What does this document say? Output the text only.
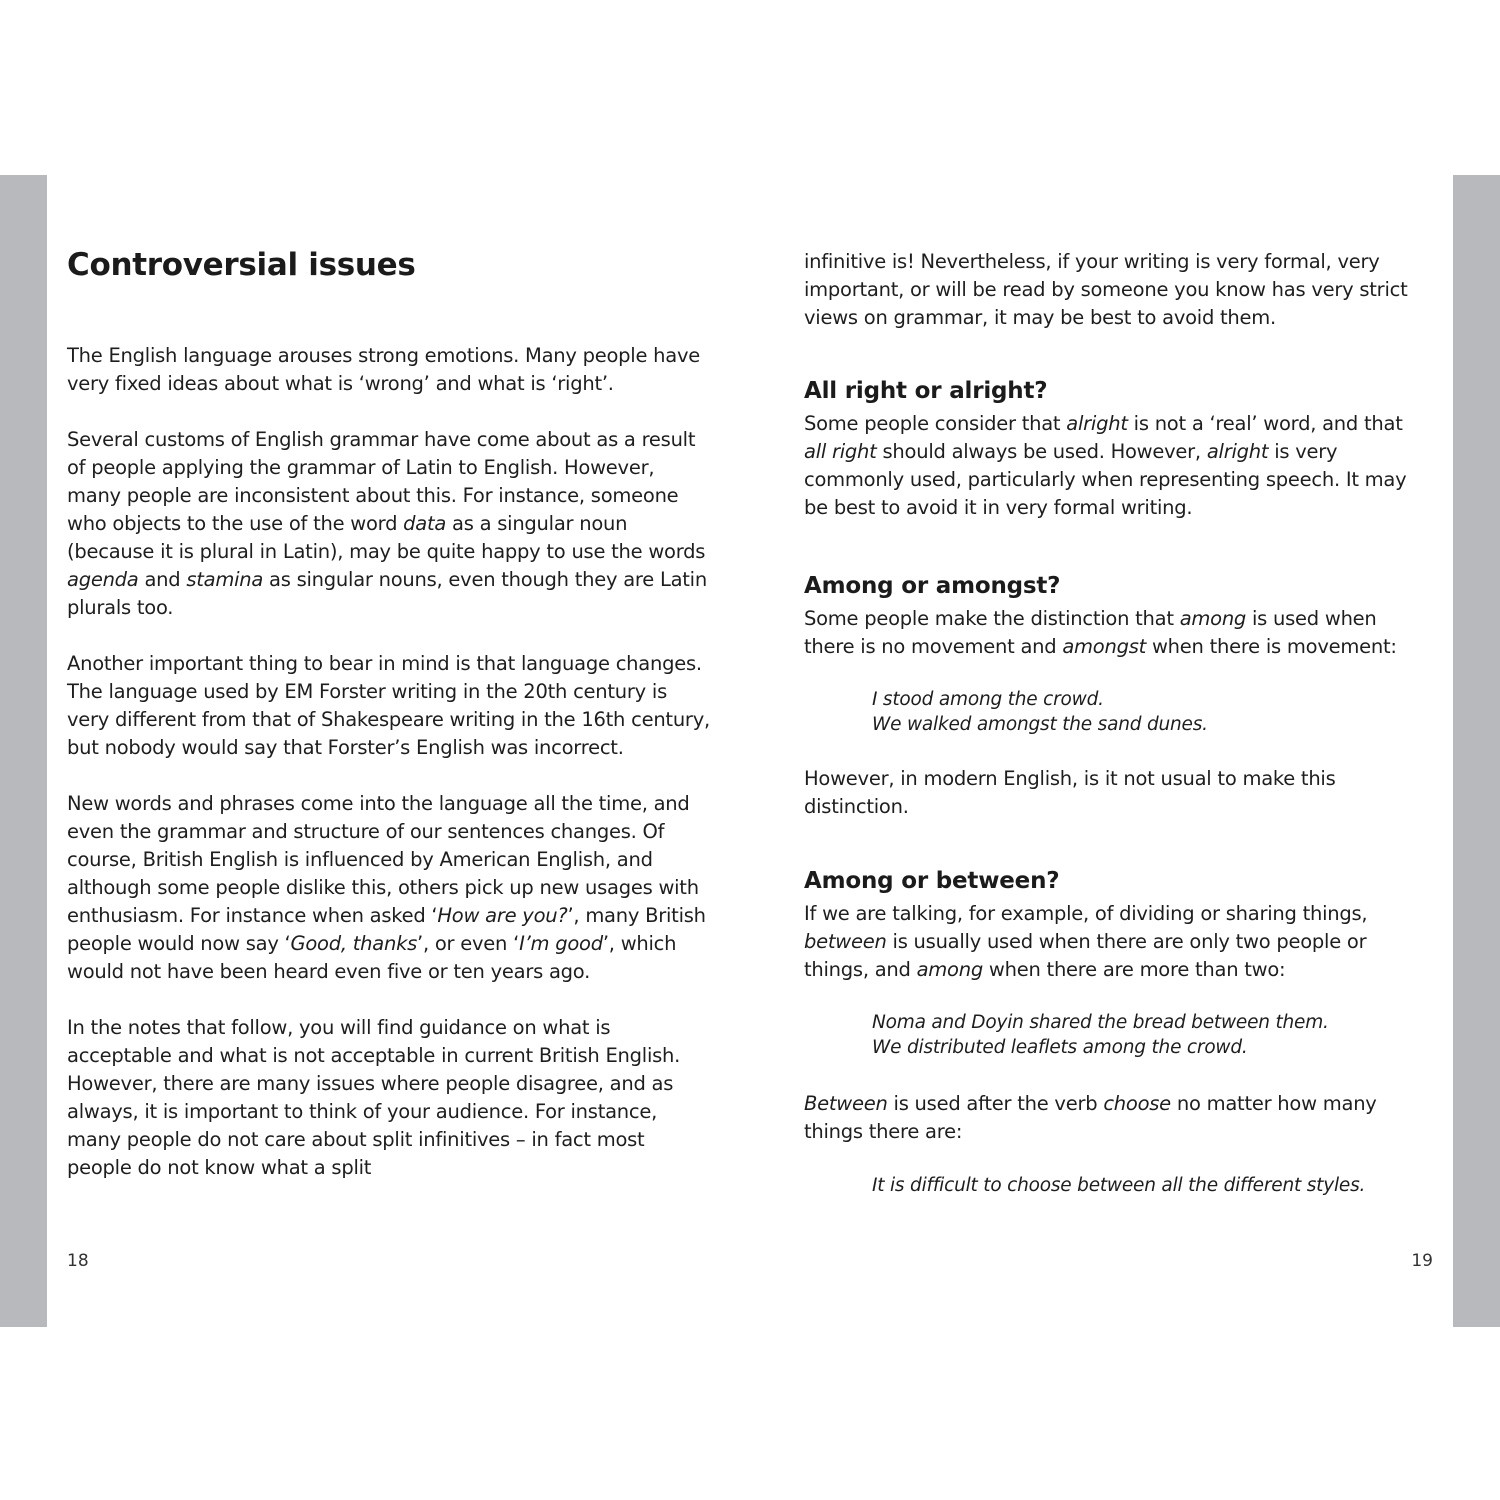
Controversial issues

The English language arouses strong emotions. Many people have very fixed ideas about what is ‘wrong’ and what is ‘right’.

Several customs of English grammar have come about as a result of people applying the grammar of Latin to English. However, many people are inconsistent about this. For instance, someone who objects to the use of the word data as a singular noun (because it is plural in Latin), may be quite happy to use the words agenda and stamina as singular nouns, even though they are Latin plurals too.

Another important thing to bear in mind is that language changes. The language used by EM Forster writing in the 20th century is very different from that of Shakespeare writing in the 16th century, but nobody would say that Forster’s English was incorrect.

New words and phrases come into the language all the time, and even the grammar and structure of our sentences changes. Of course, British English is influenced by American English, and although some people dislike this, others pick up new usages with enthusiasm. For instance when asked ‘How are you?’, many British people would now say ‘Good, thanks’, or even ‘I’m good’, which would not have been heard even five or ten years ago.

In the notes that follow, you will find guidance on what is acceptable and what is not acceptable in current British English. However, there are many issues where people disagree, and as always, it is important to think of your audience. For instance, many people do not care about split infinitives – in fact most people do not know what a split

18

infinitive is! Nevertheless, if your writing is very formal, very important, or will be read by someone you know has very strict views on grammar, it may be best to avoid them.

All right or alright?

Some people consider that alright is not a ‘real’ word, and that all right should always be used. However, alright is very commonly used, particularly when representing speech. It may be best to avoid it in very formal writing.

Among or amongst?

Some people make the distinction that among is used when there is no movement and amongst when there is movement:

I stood among the crowd.

We walked amongst the sand dunes.

However, in modern English, is it not usual to make this distinction.

Among or between?

If we are talking, for example, of dividing or sharing things, between is usually used when there are only two people or things, and among when there are more than two:

Noma and Doyin shared the bread between them.

We distributed leaflets among the crowd.

Between is used after the verb choose no matter how many things there are:

It is difficult to choose between all the different styles.

19
